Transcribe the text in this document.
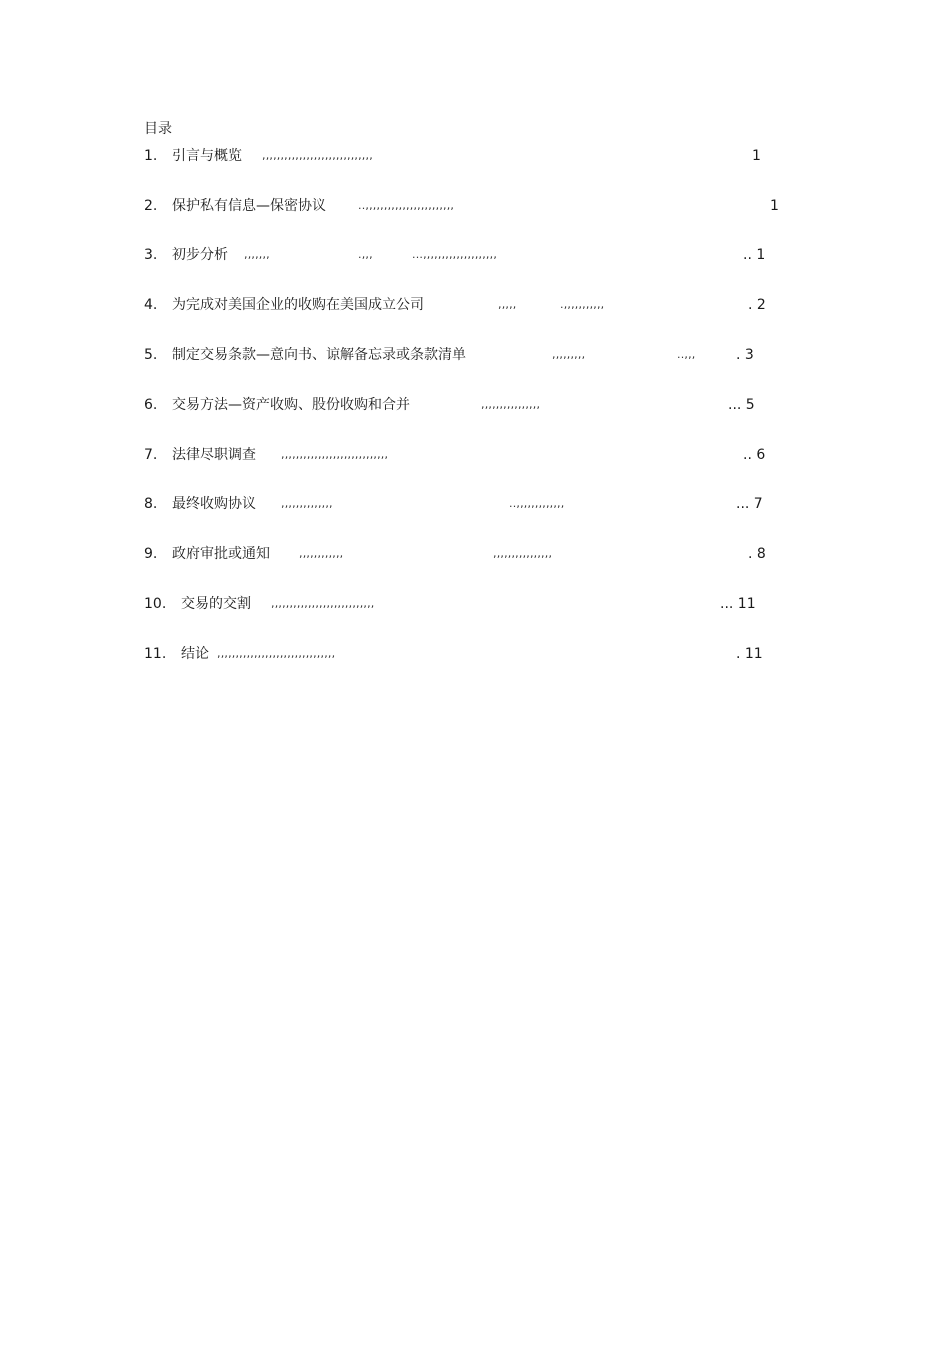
目录
1. 引言与概览 ,,,,,,,,,,,,,,,,,,,,,,,,,,,,,,	1
2. 保护私有信息—保密协议	..,,,,,,,,,,,,,,,,,,,,,,,,	1
3. 初步分析 ,,,,,,,	.,,,	...,,,,,,,,,,,,,,,,,,,,	.. 1
4. 为完成对美国企业的收购在美国成立公司	,,,,,	.,,,,,,,,,,,	. 2
5. 制定交易条款—意向书、谅解备忘录或条款清单	,,,,,,,,,	..,,,	. 3
6. 交易方法—资产收购、股份收购和合并	,,,,,,,,,,,,,,,,	... 5
7. 法律尽职调查 ,,,,,,,,,,,,,,,,,,,,,,,,,,,,,	.. 6
8. 最终收购协议 ,,,,,,,,,,,,,,	..,,,,,,,,,,,,,	... 7
9. 政府审批或通知	,,,,,,,,,,,,	,,,,,,,,,,,,,,,,	. 8
10. 交易的交割 ,,,,,,,,,,,,,,,,,,,,,,,,,,,,	... 11
11. 结论 ,,,,,,,,,,,,,,,,,,,,,,,,,,,,,,,,	. 11
